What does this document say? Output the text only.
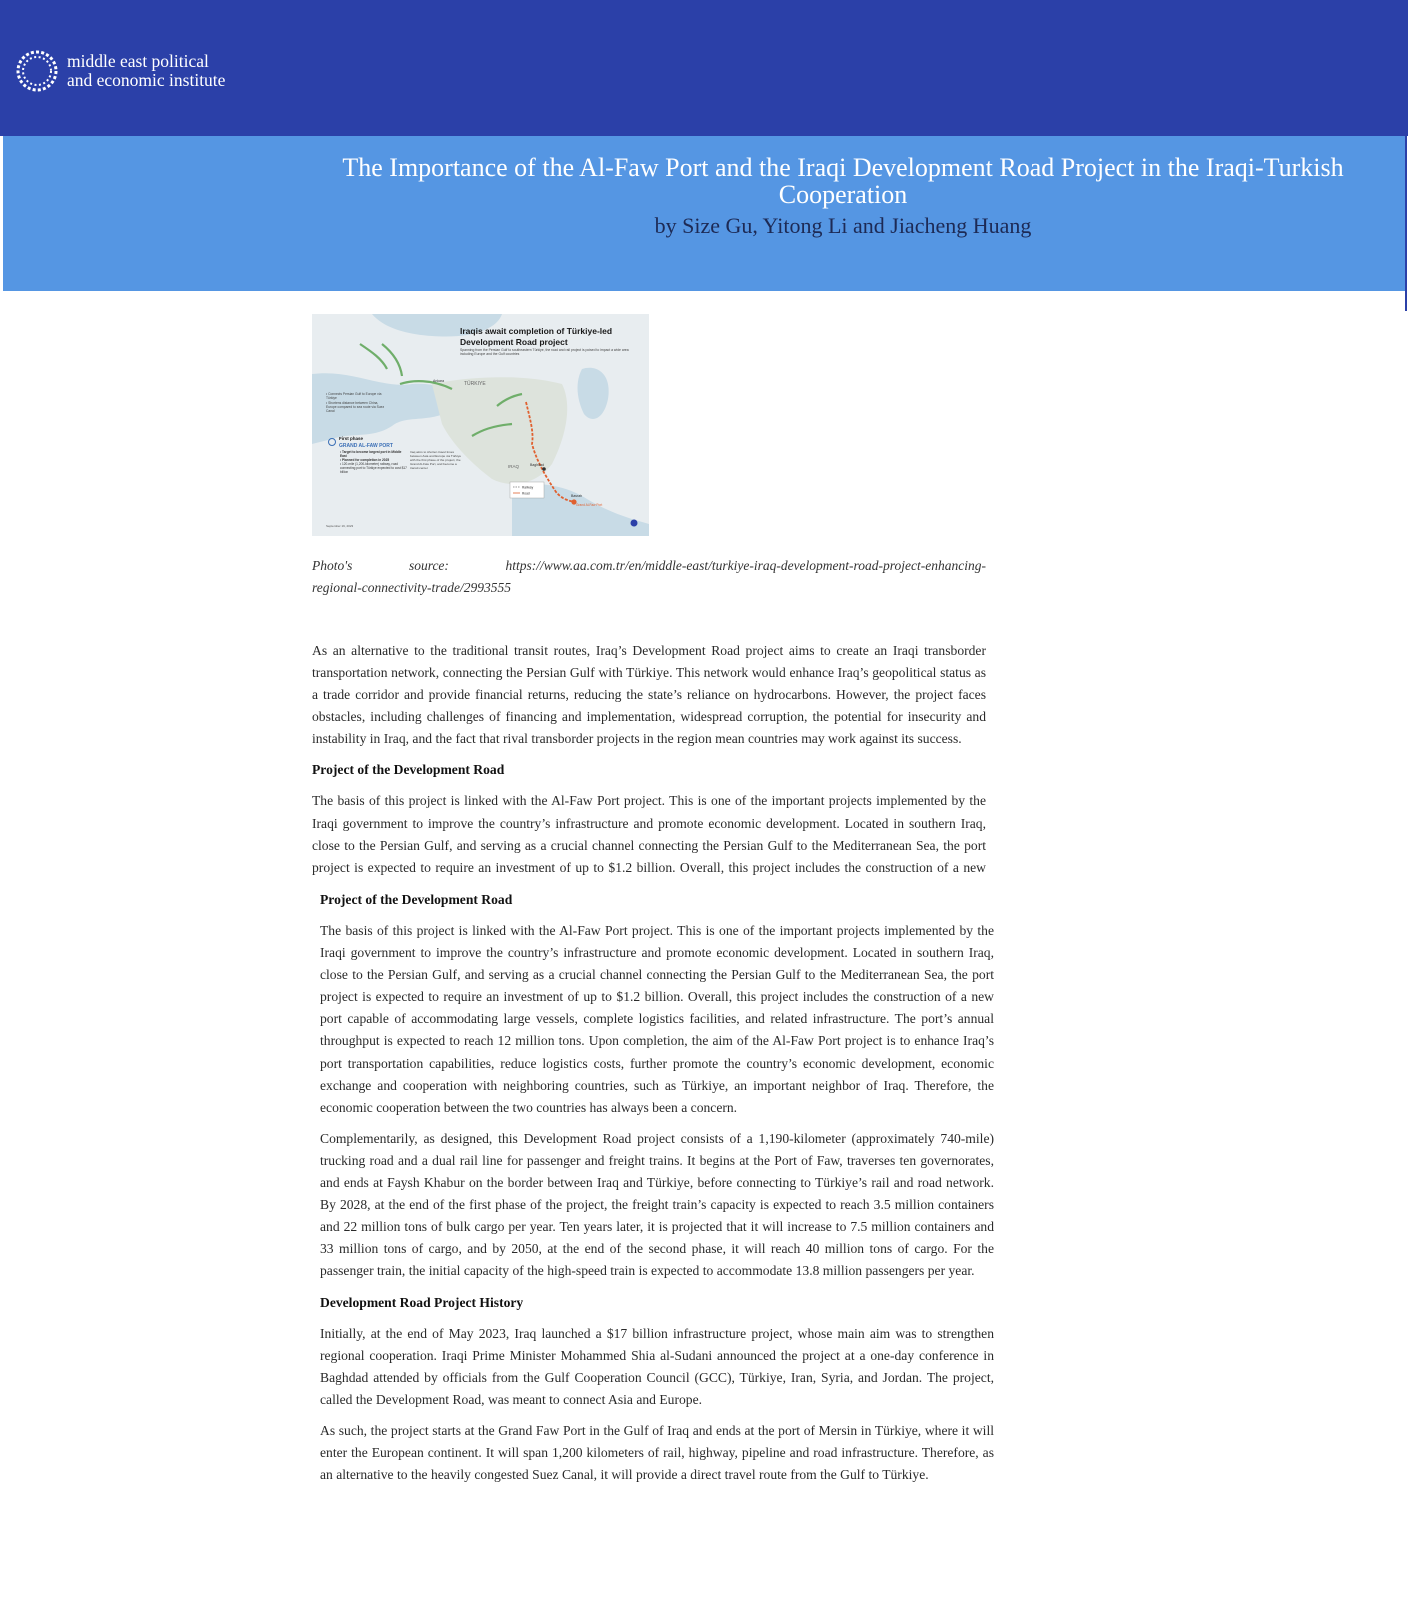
middle east political
and economic institute
The Importance of the Al-Faw Port and the Iraqi Development Road Project in the Iraqi-Turkish Cooperation
by Size Gu, Yitong Li and Jiacheng Huang
Iraqis await completion of Türkiye-led
Development Road project
Spanning from the Persian Gulf to southeastern Türkiye, the road and rail project is poised to impact a wide area including Europe and the Gulf countries
TÜRKIYE
Ankara
IRAQ	Baghdad
Basrah
Grand Al-Faw Port
• Connects Persian Gulf to Europe via Türkiye
• Shortens distance between China, Europe compared to sea route via Suez Canal
First phase
GRAND AL-FAW PORT
• Target to become largest port in Middle East
• Planned for completion in 2025
• 120-mile (1,200-kilometer) railway, road connecting port to Türkiye expected to cost $17 billion
Iraq aims to shorten travel times between Asia and Europe via Türkiye with the first phase of the project, the Grand Al-Faw Port, and become a transit center
Railway
Road
September 19, 2023
Photo's	source:	https://www.aa.com.tr/en/middle-east/turkiye-iraq-development-road-project-enhancing-
regional-connectivity-trade/2993555

As an alternative to the traditional transit routes, Iraq’s Development Road project aims to create an Iraqi transborder transportation network, connecting the Persian Gulf with Türkiye. This network would enhance Iraq’s geopolitical status as a trade corridor and provide financial returns, reducing the state’s reliance on hydrocarbons. However, the project faces obstacles, including challenges of financing and implementation, widespread corruption, the potential for insecurity and instability in Iraq, and the fact that rival transborder projects in the region mean countries may work against its success.

Project of the Development Road

The basis of this project is linked with the Al-Faw Port project. This is one of the important projects implemented by the Iraqi government to improve the country’s infrastructure and promote economic development. Located in southern Iraq, close to the Persian Gulf, and serving as a crucial channel connecting the Persian Gulf to the Mediterranean Sea, the port project is expected to require an investment of up to $1.2 billion. Overall, this project includes the construction of a new

Project of the Development Road

The basis of this project is linked with the Al-Faw Port project. This is one of the important projects implemented by the Iraqi government to improve the country’s infrastructure and promote economic development. Located in southern Iraq, close to the Persian Gulf, and serving as a crucial channel connecting the Persian Gulf to the Mediterranean Sea, the port project is expected to require an investment of up to $1.2 billion. Overall, this project includes the construction of a new port capable of accommodating large vessels, complete logistics facilities, and related infrastructure. The port’s annual throughput is expected to reach 12 million tons. Upon completion, the aim of the Al-Faw Port project is to enhance Iraq’s port transportation capabilities, reduce logistics costs, further promote the country’s economic development, economic exchange and cooperation with neighboring countries, such as Türkiye, an important neighbor of Iraq. Therefore, the economic cooperation between the two countries has always been a concern.

Complementarily, as designed, this Development Road project consists of a 1,190-kilometer (approximately 740-mile) trucking road and a dual rail line for passenger and freight trains. It begins at the Port of Faw, traverses ten governorates, and ends at Faysh Khabur on the border between Iraq and Türkiye, before connecting to Türkiye’s rail and road network. By 2028, at the end of the first phase of the project, the freight train’s capacity is expected to reach 3.5 million containers and 22 million tons of bulk cargo per year. Ten years later, it is projected that it will increase to 7.5 million containers and 33 million tons of cargo, and by 2050, at the end of the second phase, it will reach 40 million tons of cargo. For the passenger train, the initial capacity of the high-speed train is expected to accommodate 13.8 million passengers per year.

Development Road Project History

Initially, at the end of May 2023, Iraq launched a $17 billion infrastructure project, whose main aim was to strengthen regional cooperation. Iraqi Prime Minister Mohammed Shia al-Sudani announced the project at a one-day conference in Baghdad attended by officials from the Gulf Cooperation Council (GCC), Türkiye, Iran, Syria, and Jordan. The project, called the Development Road, was meant to connect Asia and Europe.

As such, the project starts at the Grand Faw Port in the Gulf of Iraq and ends at the port of Mersin in Türkiye, where it will enter the European continent. It will span 1,200 kilometers of rail, highway, pipeline and road infrastructure. Therefore, as an alternative to the heavily congested Suez Canal, it will provide a direct travel route from the Gulf to Türkiye.
